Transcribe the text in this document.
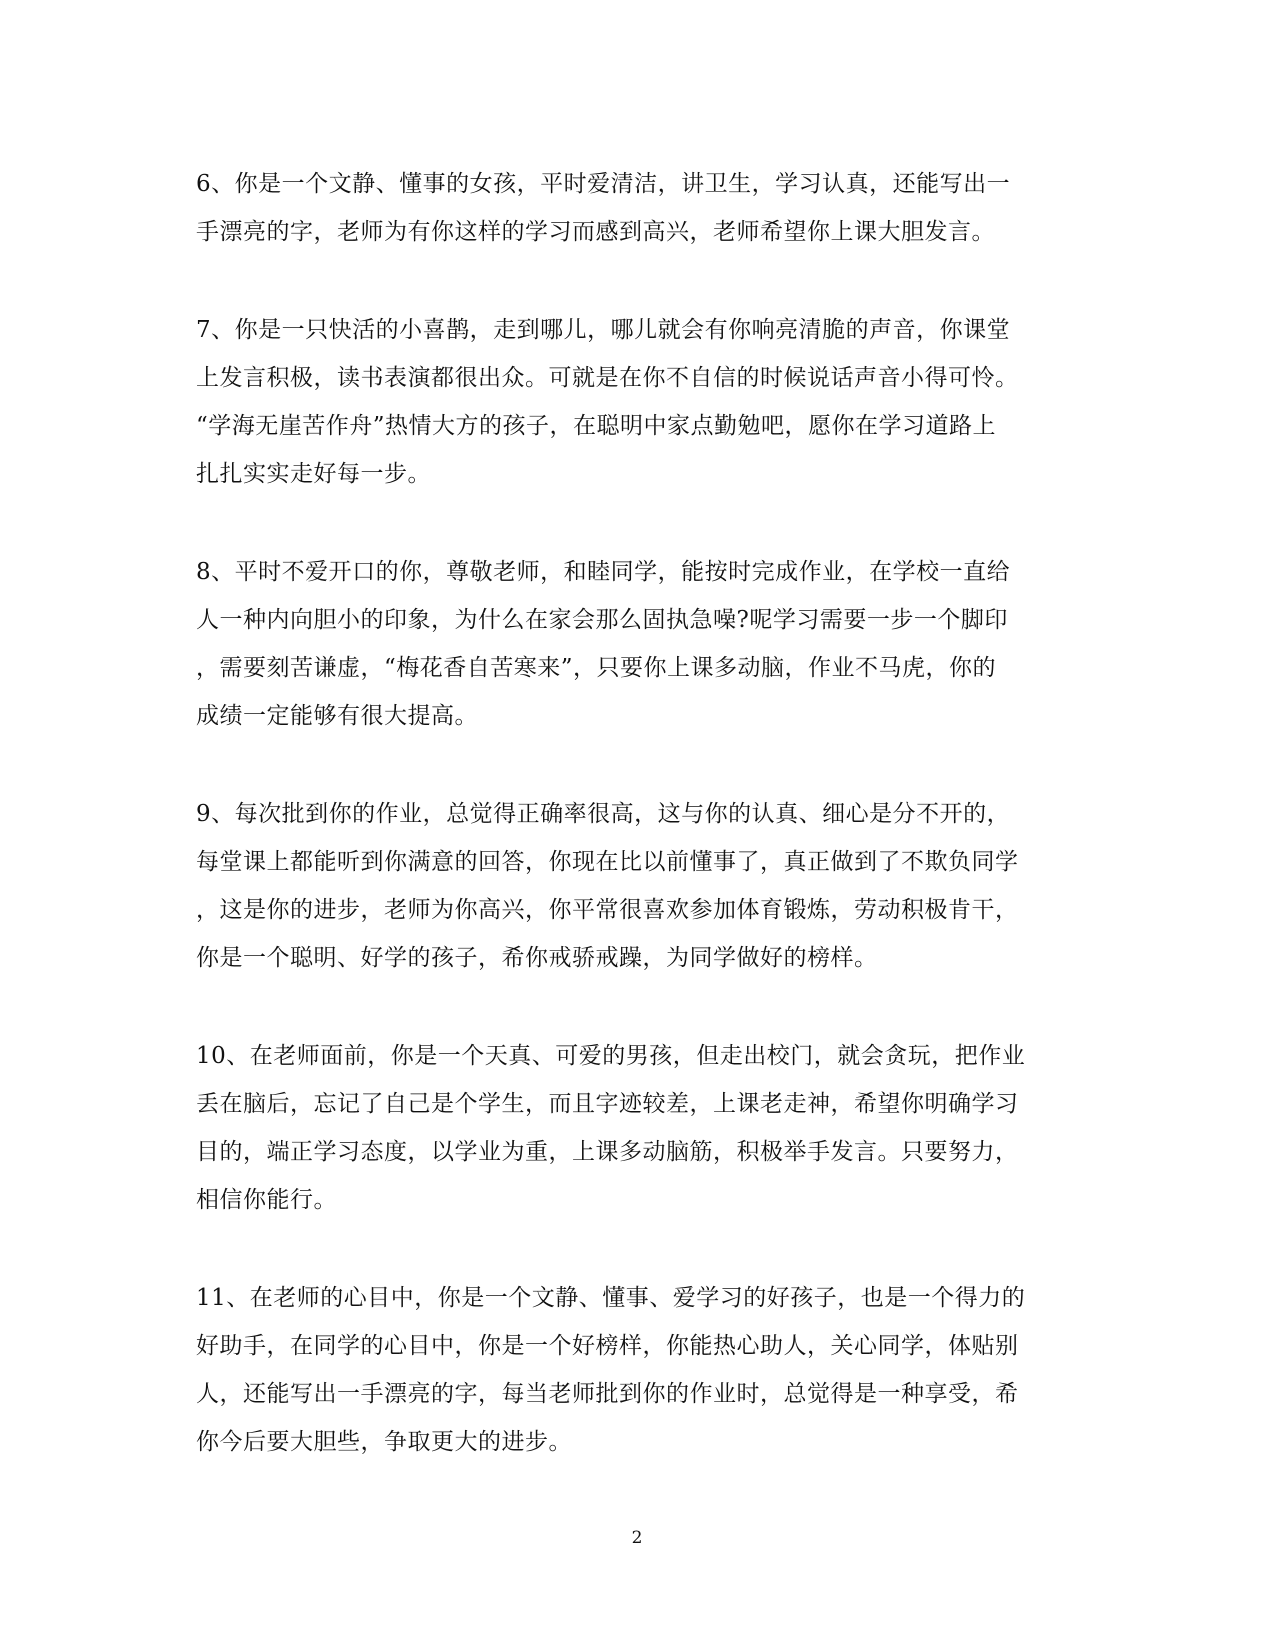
6、你是一个文静、懂事的女孩，平时爱清洁，讲卫生，学习认真，还能写出一
手漂亮的字，老师为有你这样的学习而感到高兴，老师希望你上课大胆发言。

7、你是一只快活的小喜鹊，走到哪儿，哪儿就会有你响亮清脆的声音，你课堂
上发言积极，读书表演都很出众。可就是在你不自信的时候说话声音小得可怜。
“学海无崖苦作舟”热情大方的孩子，在聪明中家点勤勉吧，愿你在学习道路上
扎扎实实走好每一步。

8、平时不爱开口的你，尊敬老师，和睦同学，能按时完成作业，在学校一直给
人一种内向胆小的印象，为什么在家会那么固执急噪?呢学习需要一步一个脚印
，需要刻苦谦虚，“梅花香自苦寒来”，只要你上课多动脑，作业不马虎，你的
成绩一定能够有很大提高。

9、每次批到你的作业，总觉得正确率很高，这与你的认真、细心是分不开的，
每堂课上都能听到你满意的回答，你现在比以前懂事了，真正做到了不欺负同学
，这是你的进步，老师为你高兴，你平常很喜欢参加体育锻炼，劳动积极肯干，
你是一个聪明、好学的孩子，希你戒骄戒躁，为同学做好的榜样。

10、在老师面前，你是一个天真、可爱的男孩，但走出校门，就会贪玩，把作业
丢在脑后，忘记了自己是个学生，而且字迹较差，上课老走神，希望你明确学习
目的，端正学习态度，以学业为重，上课多动脑筋，积极举手发言。只要努力，
相信你能行。

11、在老师的心目中，你是一个文静、懂事、爱学习的好孩子，也是一个得力的
好助手，在同学的心目中，你是一个好榜样，你能热心助人，关心同学，体贴别
人，还能写出一手漂亮的字，每当老师批到你的作业时，总觉得是一种享受，希
你今后要大胆些，争取更大的进步。

2
